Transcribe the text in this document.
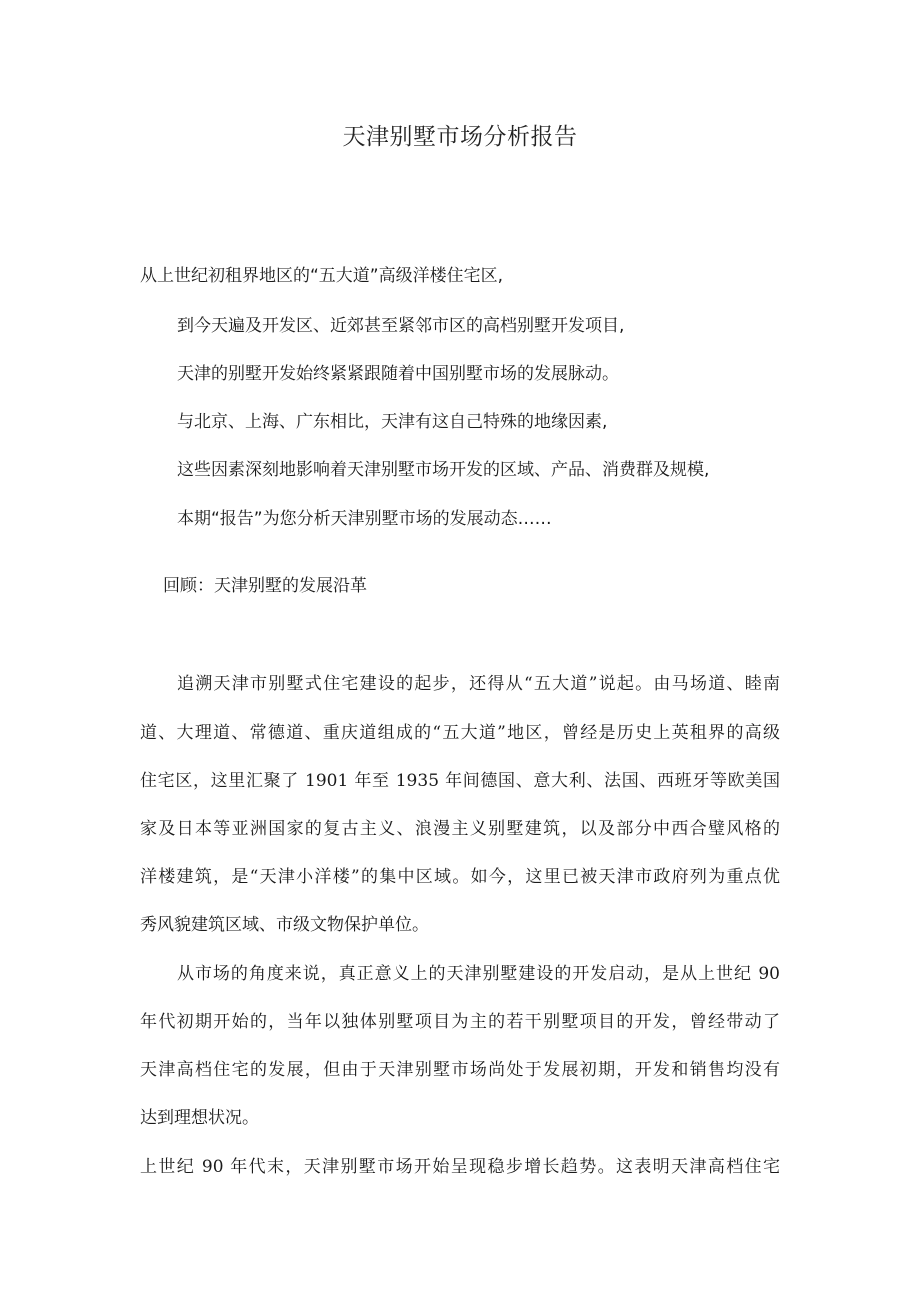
天津别墅市场分析报告
从上世纪初租界地区的“五大道”高级洋楼住宅区,
到今天遍及开发区、近郊甚至紧邻市区的高档别墅开发项目,
天津的别墅开发始终紧紧跟随着中国别墅市场的发展脉动。
与北京、上海、广东相比，天津有这自己特殊的地缘因素,
这些因素深刻地影响着天津别墅市场开发的区域、产品、消费群及规模,
本期“报告”为您分析天津别墅市场的发展动态……
回顾：天津别墅的发展沿革
追溯天津市别墅式住宅建设的起步，还得从“五大道”说起。由马场道、睦南
道、大理道、常德道、重庆道组成的“五大道”地区，曾经是历史上英租界的高级
住宅区，这里汇聚了 1901 年至 1935 年间德国、意大利、法国、西班牙等欧美国
家及日本等亚洲国家的复古主义、浪漫主义别墅建筑，以及部分中西合璧风格的
洋楼建筑，是“天津小洋楼”的集中区域。如今，这里已被天津市政府列为重点优
秀风貌建筑区域、市级文物保护单位。
从市场的角度来说，真正意义上的天津别墅建设的开发启动，是从上世纪 90
年代初期开始的，当年以独体别墅项目为主的若干别墅项目的开发，曾经带动了
天津高档住宅的发展，但由于天津别墅市场尚处于发展初期，开发和销售均没有
达到理想状况。
上世纪 90 年代末，天津别墅市场开始呈现稳步增长趋势。这表明天津高档住宅
